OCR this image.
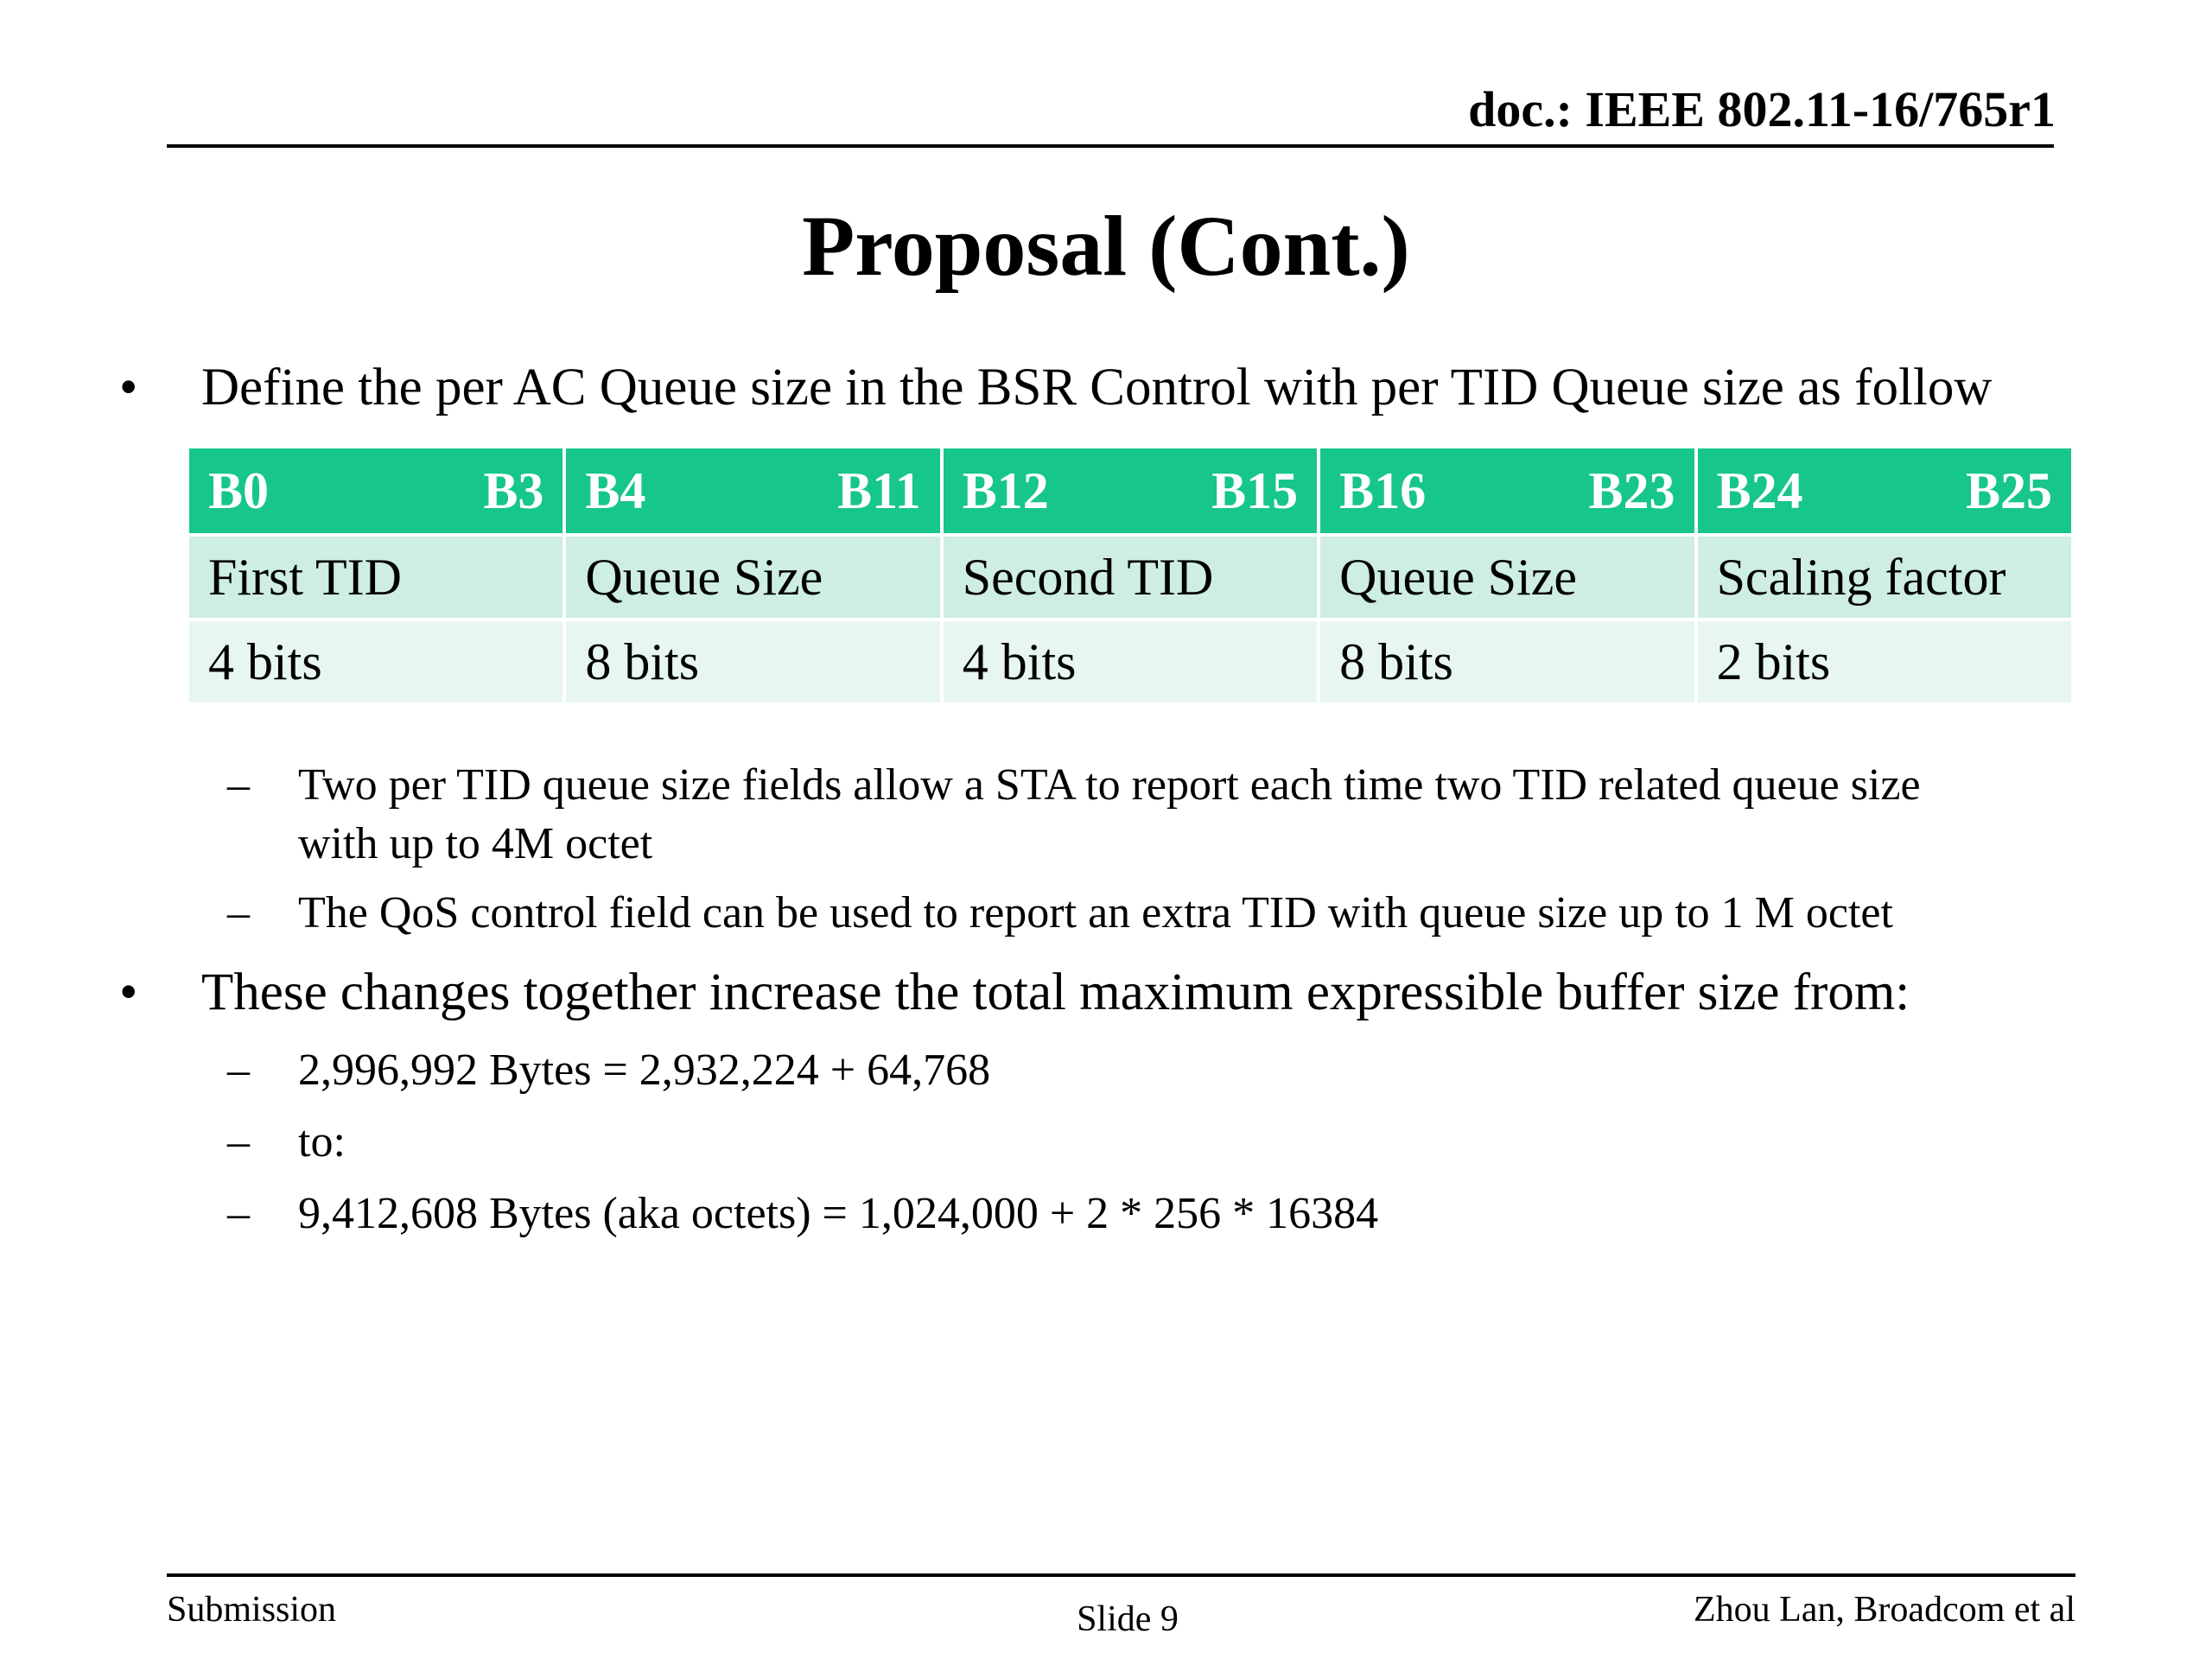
doc.: IEEE 802.11-16/765r1
Proposal (Cont.)
• Define the per AC Queue size in the BSR Control with per TID Queue size as follow
B0 B3	B4 B11	B12 B15	B16 B23	B24 B25

First TID	Queue Size	Second TID	Queue Size	Scaling factor
4 bits	8 bits	4 bits	8 bits	2 bits
– Two per TID queue size fields allow a STA to report each time two TID related queue size
with up to 4M octet
– The QoS control field can be used to report an extra TID with queue size up to 1 M octet
• These changes together increase the total maximum expressible buffer size from:
– 2,996,992 Bytes = 2,932,224 + 64,768
– to:
– 9,412,608 Bytes (aka octets) = 1,024,000 + 2 * 256 * 16384
Submission	Slide 9	Zhou Lan, Broadcom et al
